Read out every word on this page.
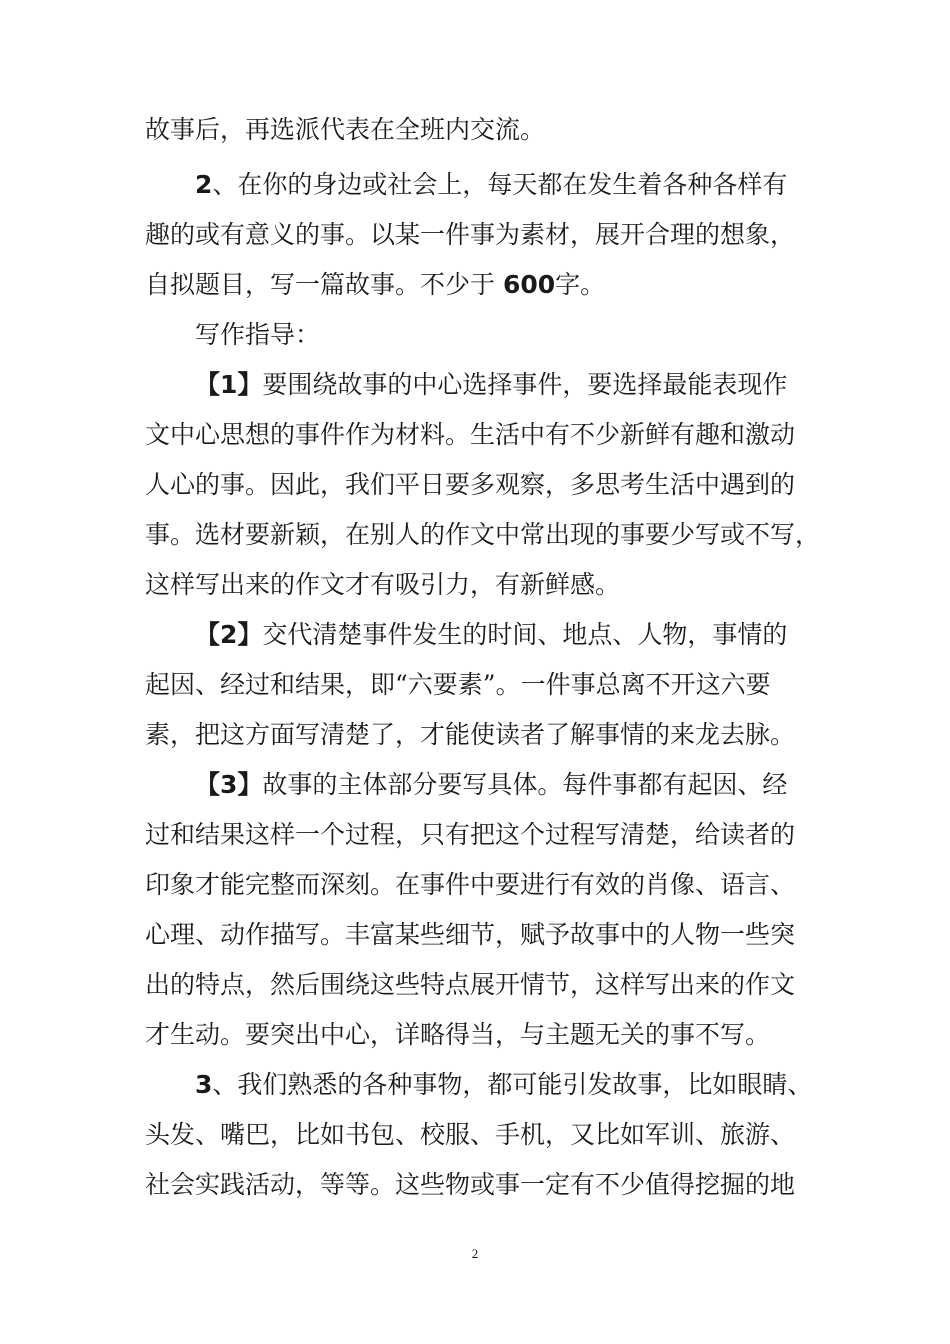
故事后，再选派代表在全班内交流。
2、在你的身边或社会上，每天都在发生着各种各样有
趣的或有意义的事。以某一件事为素材，展开合理的想象，
自拟题目，写一篇故事。不少于 600字。
写作指导：
【1】要围绕故事的中心选择事件，要选择最能表现作
文中心思想的事件作为材料。生活中有不少新鲜有趣和激动
人心的事。因此，我们平日要多观察，多思考生活中遇到的
事。选材要新颖，在别人的作文中常出现的事要少写或不写，
这样写出来的作文才有吸引力，有新鲜感。
【2】交代清楚事件发生的时间、地点、人物，事情的
起因、经过和结果，即“六要素”。一件事总离不开这六要
素，把这方面写清楚了，才能使读者了解事情的来龙去脉。
【3】故事的主体部分要写具体。每件事都有起因、经
过和结果这样一个过程，只有把这个过程写清楚，给读者的
印象才能完整而深刻。在事件中要进行有效的肖像、语言、
心理、动作描写。丰富某些细节，赋予故事中的人物一些突
出的特点，然后围绕这些特点展开情节，这样写出来的作文
才生动。要突出中心，详略得当，与主题无关的事不写。
3、我们熟悉的各种事物，都可能引发故事，比如眼睛、
头发、嘴巴，比如书包、校服、手机，又比如军训、旅游、
社会实践活动，等等。这些物或事一定有不少值得挖掘的地
2
